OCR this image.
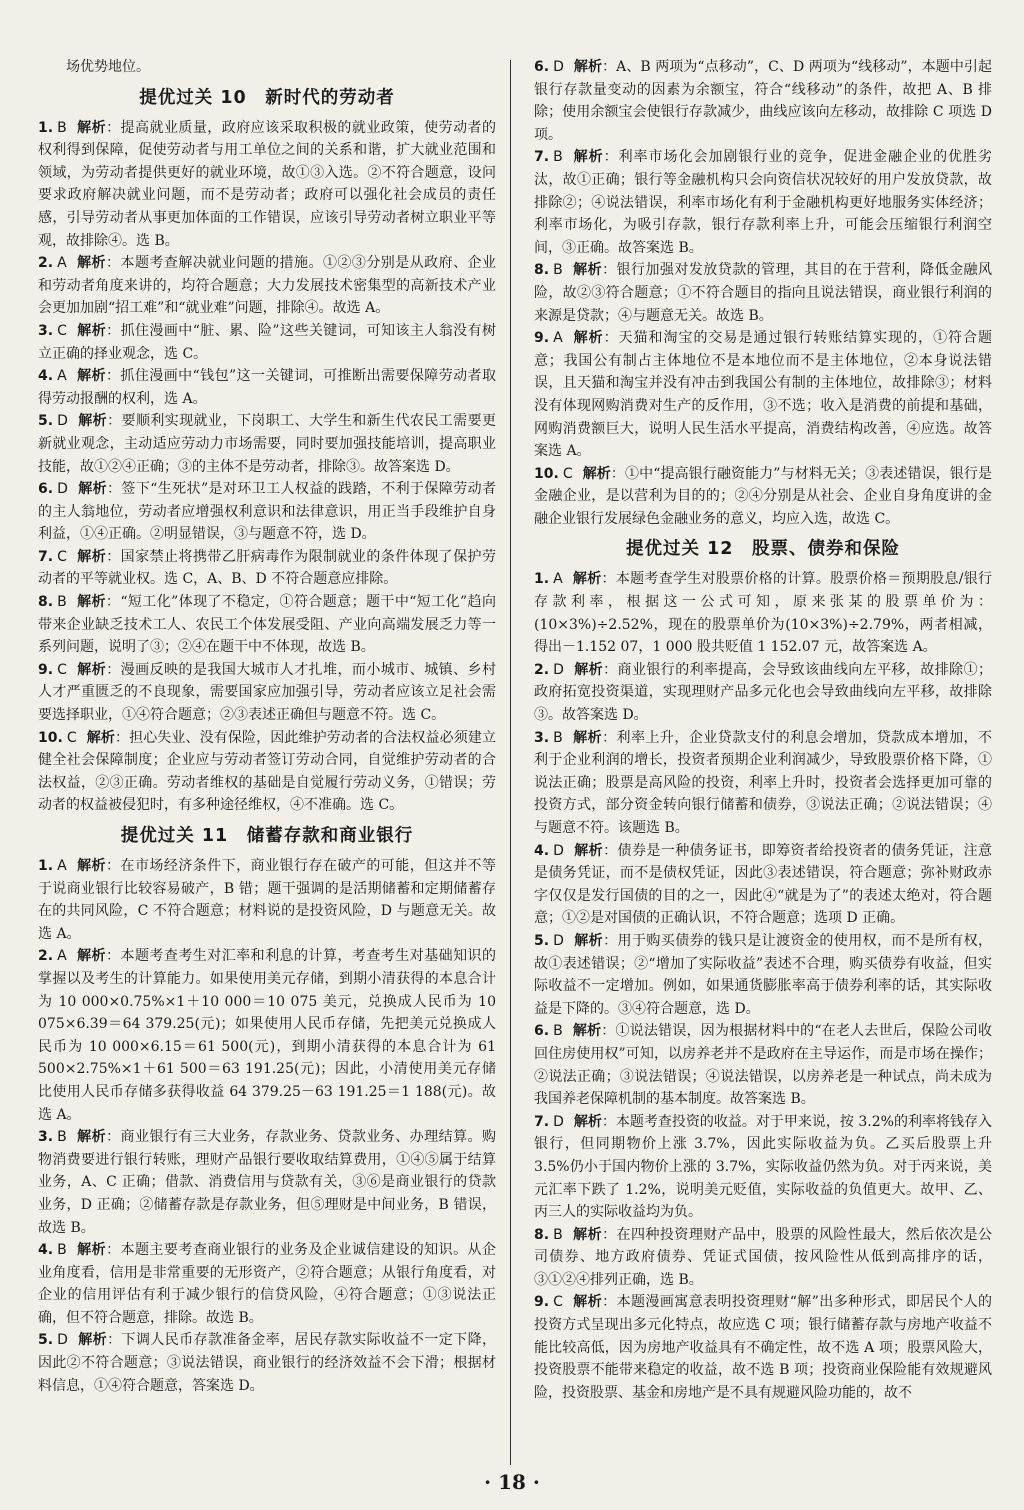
场优势地位。
提优过关 10　新时代的劳动者

1. B 解析：提高就业质量，政府应该采取积极的就业政策，使劳动者的权利得到保障，促使劳动者与用工单位之间的关系和谐，扩大就业范围和领域，为劳动者提供更好的就业环境，故①③入选。②不符合题意，设问要求政府解决就业问题，而不是劳动者；政府可以强化社会成员的责任感，引导劳动者从事更加体面的工作错误，应该引导劳动者树立职业平等观，故排除④。选 B。

2. A 解析：本题考查解决就业问题的措施。①②③分别是从政府、企业和劳动者角度来讲的，均符合题意；大力发展技术密集型的高新技术产业会更加加剧“招工难”和“就业难”问题，排除④。故选 A。

3. C 解析：抓住漫画中“脏、累、险”这些关键词，可知该主人翁没有树立正确的择业观念，选 C。

4. A 解析：抓住漫画中“钱包”这一关键词，可推断出需要保障劳动者取得劳动报酬的权利，选 A。

5. D 解析：要顺利实现就业，下岗职工、大学生和新生代农民工需要更新就业观念，主动适应劳动力市场需要，同时要加强技能培训，提高职业技能，故①②④正确；③的主体不是劳动者，排除③。故答案选 D。

6. D 解析：签下“生死状”是对环卫工人权益的践踏，不利于保障劳动者的主人翁地位，劳动者应增强权利意识和法律意识，用正当手段维护自身利益，①④正确。②明显错误，③与题意不符，选 D。

7. C 解析：国家禁止将携带乙肝病毒作为限制就业的条件体现了保护劳动者的平等就业权。选 C，A、B、D 不符合题意应排除。

8. B 解析：“短工化”体现了不稳定，①符合题意；题干中“短工化”趋向带来企业缺乏技术工人、农民工个体发展受阻、产业向高端发展乏力等一系列问题，说明了③；②④在题干中不体现，故选 B。

9. C 解析：漫画反映的是我国大城市人才扎堆，而小城市、城镇、乡村人才严重匮乏的不良现象，需要国家应加强引导，劳动者应该立足社会需要选择职业，①④符合题意；②③表述正确但与题意不符。选 C。

10. C 解析：担心失业、没有保险，因此维护劳动者的合法权益必须建立健全社会保障制度；企业应与劳动者签订劳动合同，自觉维护劳动者的合法权益，②③正确。劳动者维权的基础是自觉履行劳动义务，①错误；劳动者的权益被侵犯时，有多种途径维权，④不准确。选 C。

提优过关 11　储蓄存款和商业银行

1. A 解析：在市场经济条件下，商业银行存在破产的可能，但这并不等于说商业银行比较容易破产，B 错；题干强调的是活期储蓄和定期储蓄存在的共同风险，C 不符合题意；材料说的是投资风险，D 与题意无关。故选 A。

2. A 解析：本题考查考生对汇率和利息的计算，考查考生对基础知识的掌握以及考生的计算能力。如果使用美元存储，到期小清获得的本息合计为 10 000×0.75%×1＋10 000＝10 075 美元，兑换成人民币为 10 075×6.39＝64 379.25(元)；如果使用人民币存储，先把美元兑换成人民币为 10 000×6.15＝61 500(元)，到期小清获得的本息合计为 61 500×2.75%×1＋61 500＝63 191.25(元)；因此，小清使用美元存储比使用人民币存储多获得收益 64 379.25－63 191.25＝1 188(元)。故选 A。

3. B 解析：商业银行有三大业务，存款业务、贷款业务、办理结算。购物消费要进行银行转账，理财产品银行要收取结算费用，①④⑤属于结算业务，A、C 正确；借款、消费信用与贷款有关，③⑥是商业银行的贷款业务，D 正确；②储蓄存款是存款业务，但⑤理财是中间业务，B 错误，故选 B。

4. B 解析：本题主要考查商业银行的业务及企业诚信建设的知识。从企业角度看，信用是非常重要的无形资产，②符合题意；从银行角度看，对企业的信用评估有利于减少银行的信贷风险，④符合题意；①③说法正确，但不符合题意，排除。故选 B。

5. D 解析：下调人民币存款准备金率，居民存款实际收益不一定下降，因此②不符合题意；③说法错误，商业银行的经济效益不会下滑；根据材料信息，①④符合题意，答案选 D。

6. D 解析：A、B 两项为“点移动”，C、D 两项为“线移动”，本题中引起银行存款量变动的因素为余额宝，符合“线移动”的条件，故把 A、B 排除；使用余额宝会使银行存款减少，曲线应该向左移动，故排除 C 项选 D 项。

7. B 解析：利率市场化会加剧银行业的竞争，促进金融企业的优胜劣汰，故①正确；银行等金融机构只会向资信状况较好的用户发放贷款，故排除②；④说法错误，利率市场化有利于金融机构更好地服务实体经济；利率市场化，为吸引存款，银行存款利率上升，可能会压缩银行利润空间，③正确。故答案选 B。

8. B 解析：银行加强对发放贷款的管理，其目的在于营利，降低金融风险，故②③符合题意；①不符合题目的指向且说法错误，商业银行利润的来源是贷款；④与题意无关。故选 B。

9. A 解析：天猫和淘宝的交易是通过银行转账结算实现的，①符合题意；我国公有制占主体地位不是本地位而不是主体地位，②本身说法错误，且天猫和淘宝并没有冲击到我国公有制的主体地位，故排除③；材料没有体现网购消费对生产的反作用，③不选；收入是消费的前提和基础，网购消费额巨大，说明人民生活水平提高，消费结构改善，④应选。故答案选 A。

10. C 解析：①中“提高银行融资能力”与材料无关；③表述错误，银行是金融企业，是以营利为目的的；②④分别是从社会、企业自身角度讲的金融企业银行发展绿色金融业务的意义，均应入选，故选 C。

提优过关 12　股票、债券和保险

1. A 解析：本题考查学生对股票价格的计算。股票价格＝预期股息/银行存款利率，根据这一公式可知，原来张某的股票单价为：(10×3%)÷2.52%，现在的股票单价为(10×3%)÷2.79%，两者相减，得出－1.152 07，1 000 股共贬值 1 152.07 元，故答案选 A。

2. D 解析：商业银行的利率提高，会导致该曲线向左平移，故排除①；政府拓宽投资渠道，实现理财产品多元化也会导致曲线向左平移，故排除③。故答案选 D。

3. B 解析：利率上升，企业贷款支付的利息会增加，贷款成本增加，不利于企业利润的增长，投资者预期企业利润减少，导致股票价格下降，①说法正确；股票是高风险的投资，利率上升时，投资者会选择更加可靠的投资方式，部分资金转向银行储蓄和债券，③说法正确；②说法错误；④与题意不符。该题选 B。

4. D 解析：债券是一种债务证书，即筹资者给投资者的债务凭证，注意是债务凭证，而不是债权凭证，因此③表述错误，符合题意；弥补财政赤字仅仅是发行国债的目的之一，因此④“就是为了”的表述太绝对，符合题意；①②是对国债的正确认识，不符合题意；选项 D 正确。

5. D 解析：用于购买债券的钱只是让渡资金的使用权，而不是所有权，故①表述错误；②“增加了实际收益”表述不合理，购买债券有收益，但实际收益不一定增加。例如，如果通货膨胀率高于债券利率的话，其实际收益是下降的。③④符合题意，选 D。

6. B 解析：①说法错误，因为根据材料中的“在老人去世后，保险公司收回住房使用权”可知，以房养老并不是政府在主导运作，而是市场在操作；②说法正确；③说法错误；④说法错误，以房养老是一种试点，尚未成为我国养老保障机制的基本制度。故答案选 B。

7. D 解析：本题考查投资的收益。对于甲来说，按 3.2%的利率将钱存入银行，但同期物价上涨 3.7%，因此实际收益为负。乙买后股票上升 3.5%仍小于国内物价上涨的 3.7%，实际收益仍然为负。对于丙来说，美元汇率下跌了 1.2%，说明美元贬值，实际收益的负值更大。故甲、乙、丙三人的实际收益均为负。

8. B 解析：在四种投资理财产品中，股票的风险性最大，然后依次是公司债券、地方政府债券、凭证式国债，按风险性从低到高排序的话，③①②④排列正确，选 B。

9. C 解析：本题漫画寓意表明投资理财“解”出多种形式，即居民个人的投资方式呈现出多元化特点，故应选 C 项；银行储蓄存款与房地产收益不能比较高低，因为房地产收益具有不确定性，故不选 A 项；股票风险大，投资股票不能带来稳定的收益，故不选 B 项；投资商业保险能有效规避风险，投资股票、基金和房地产是不具有规避风险功能的，故不

· 18 ·
